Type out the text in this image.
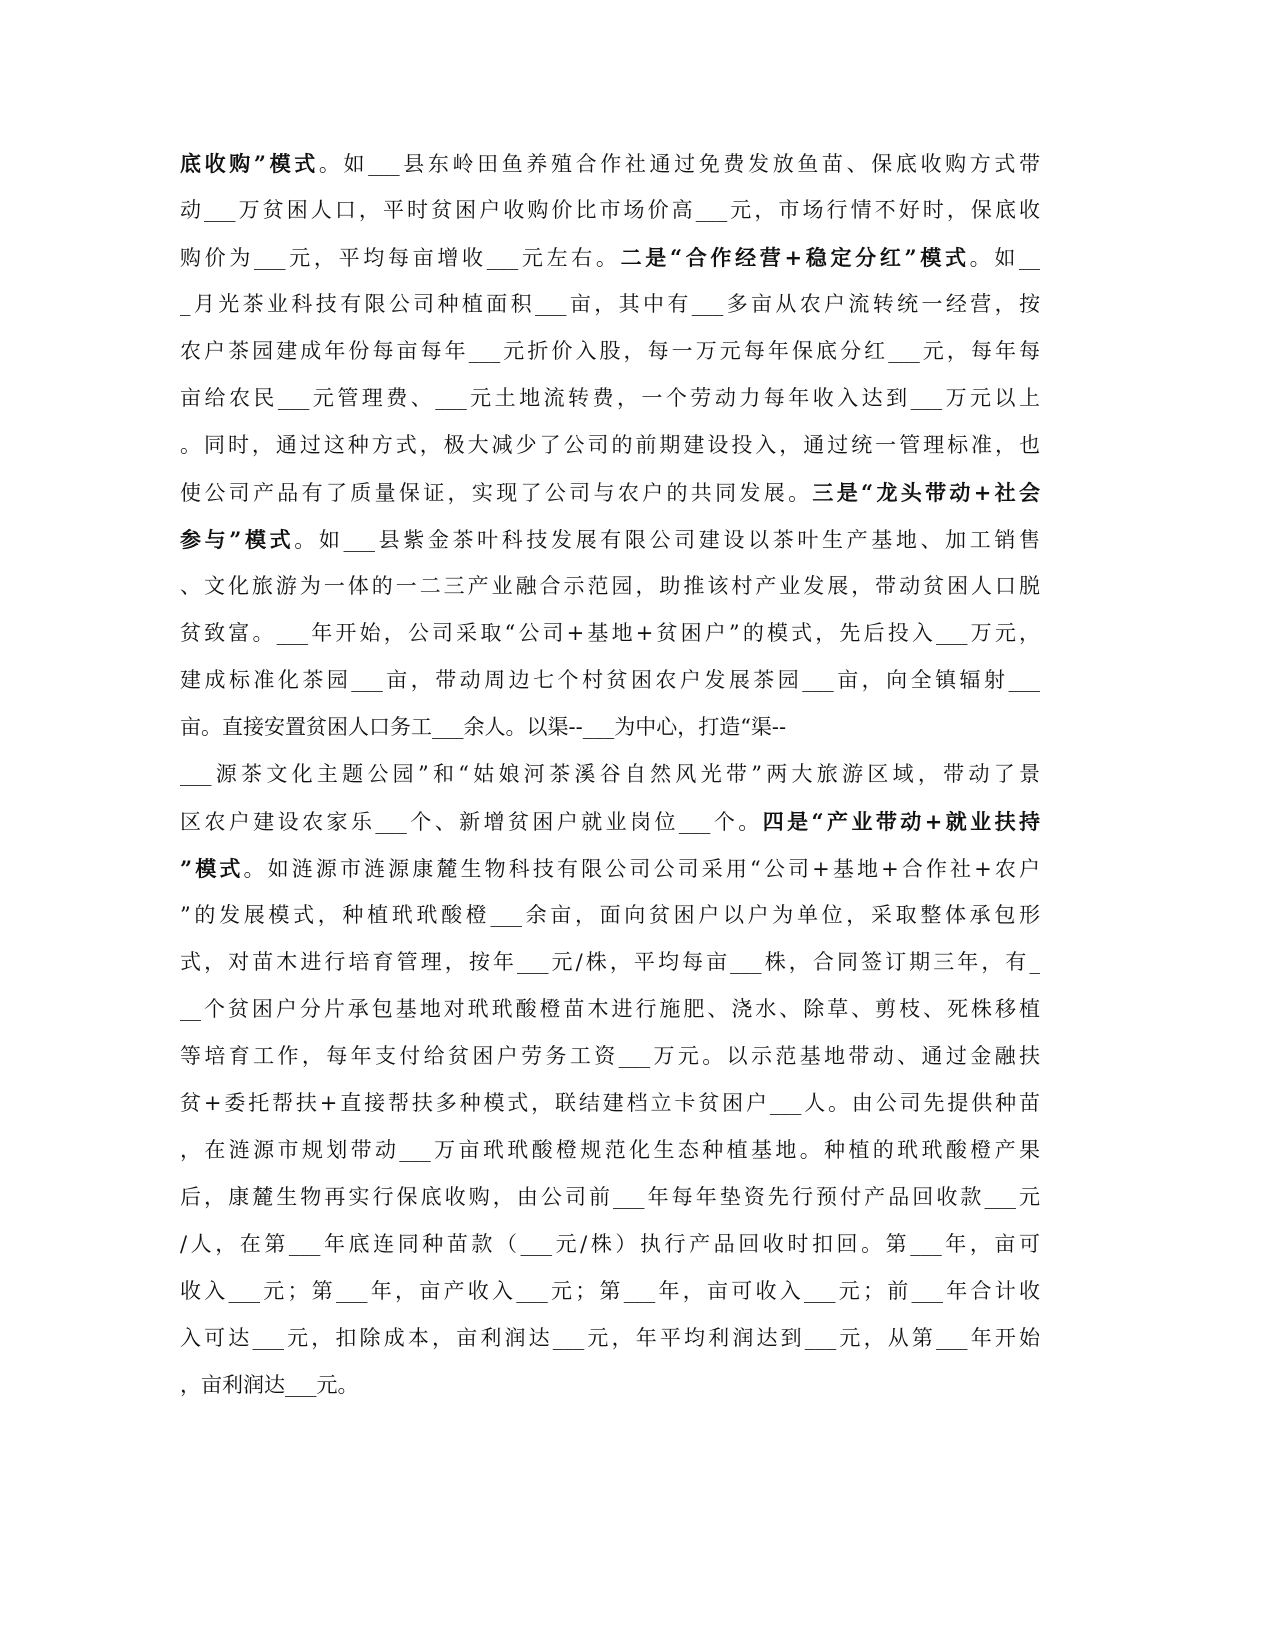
底收购”模式。如___县东岭田鱼养殖合作社通过免费发放鱼苗、保底收购方式带
动___万贫困人口，平时贫困户收购价比市场价高___元，市场行情不好时，保底收
购价为___元，平均每亩增收___元左右。二是“合作经营+稳定分红”模式。如__
_月光茶业科技有限公司种植面积___亩，其中有___多亩从农户流转统一经营，按
农户茶园建成年份每亩每年___元折价入股，每一万元每年保底分红___元，每年每
亩给农民___元管理费、___元土地流转费，一个劳动力每年收入达到___万元以上
。同时，通过这种方式，极大减少了公司的前期建设投入，通过统一管理标准，也
使公司产品有了质量保证，实现了公司与农户的共同发展。三是“龙头带动+社会
参与”模式。如___县紫金茶叶科技发展有限公司建设以茶叶生产基地、加工销售
、文化旅游为一体的一二三产业融合示范园，助推该村产业发展，带动贫困人口脱
贫致富。___年开始，公司采取“公司+基地+贫困户”的模式，先后投入___万元，
建成标准化茶园___亩，带动周边七个村贫困农户发展茶园___亩，向全镇辐射___
亩。直接安置贫困人口务工___余人。以渠--___为中心，打造“渠--
___源茶文化主题公园”和“姑娘河茶溪谷自然风光带”两大旅游区域，带动了景
区农户建设农家乐___个、新增贫困户就业岗位___个。四是“产业带动+就业扶持
”模式。如涟源市涟源康麓生物科技有限公司公司采用“公司+基地+合作社+农户
”的发展模式，种植玳玳酸橙___余亩，面向贫困户以户为单位，采取整体承包形
式，对苗木进行培育管理，按年___元/株，平均每亩___株，合同签订期三年，有_
__个贫困户分片承包基地对玳玳酸橙苗木进行施肥、浇水、除草、剪枝、死株移植
等培育工作，每年支付给贫困户劳务工资___万元。以示范基地带动、通过金融扶
贫+委托帮扶+直接帮扶多种模式，联结建档立卡贫困户___人。由公司先提供种苗
，在涟源市规划带动___万亩玳玳酸橙规范化生态种植基地。种植的玳玳酸橙产果
后，康麓生物再实行保底收购，由公司前___年每年垫资先行预付产品回收款___元
/人，在第___年底连同种苗款（___元/株）执行产品回收时扣回。第___年，亩可
收入___元；第___年，亩产收入___元；第___年，亩可收入___元；前___年合计收
入可达___元，扣除成本，亩利润达___元，年平均利润达到___元，从第___年开始
，亩利润达___元。
